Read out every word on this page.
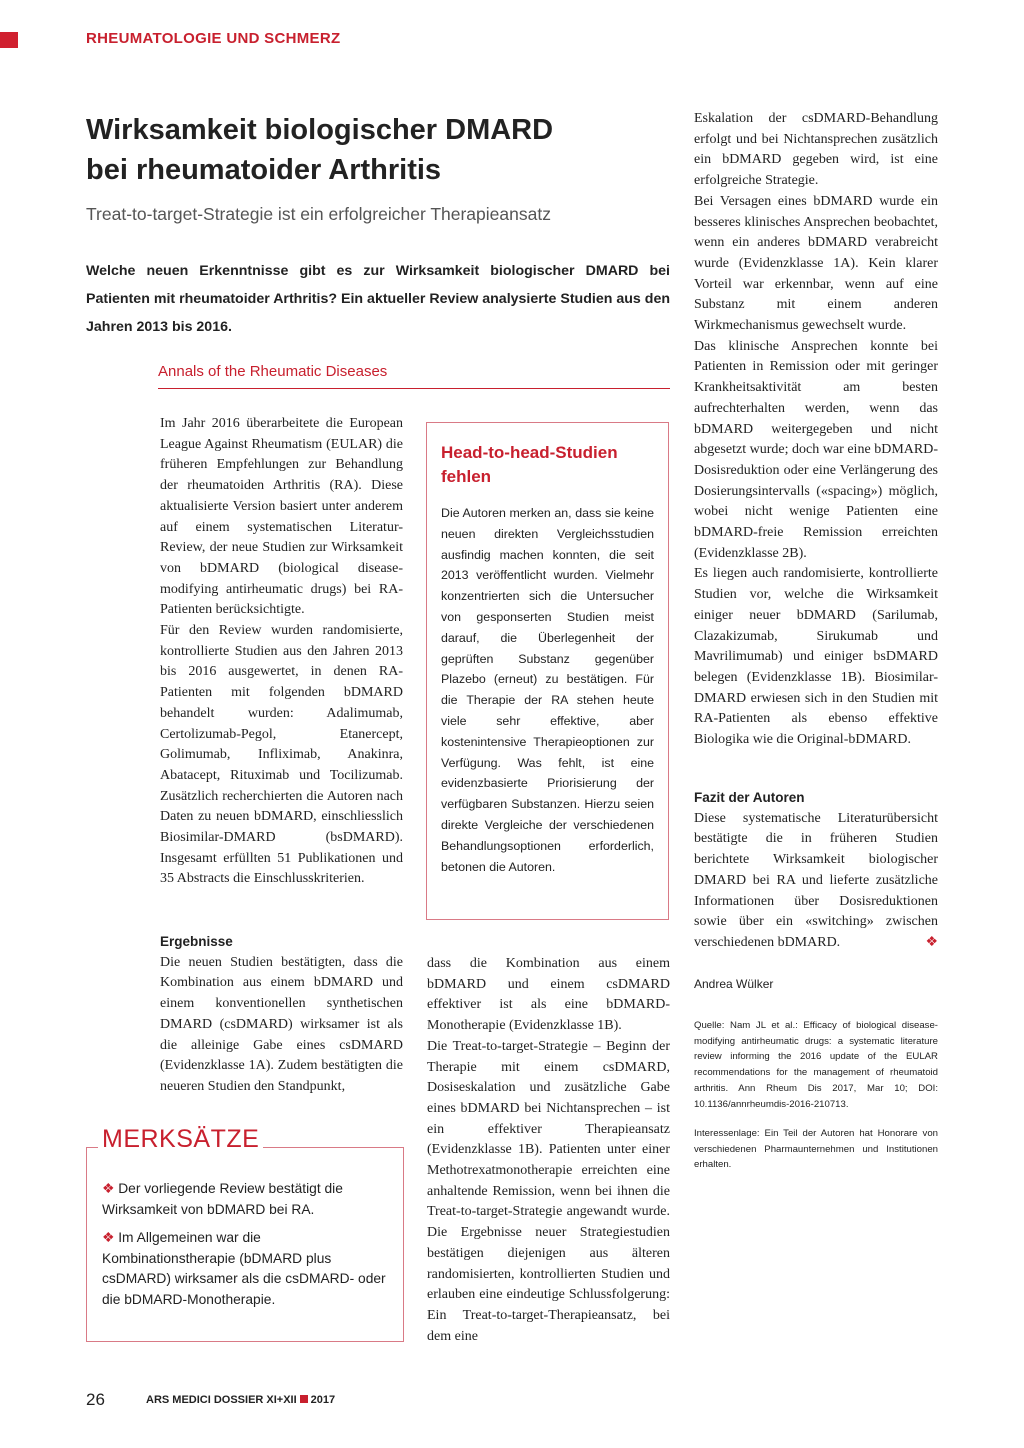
RHEUMATOLOGIE UND SCHMERZ
Wirksamkeit biologischer DMARD
bei rheumatoider Arthritis
Treat-to-target-Strategie ist ein erfolgreicher Therapieansatz
Welche neuen Erkenntnisse gibt es zur Wirksamkeit biologischer DMARD bei Patienten mit rheumatoider Arthritis? Ein aktueller Review analysierte Studien aus den Jahren 2013 bis 2016.
Annals of the Rheumatic Diseases

Im Jahr 2016 überarbeitete die European League Against Rheumatism (EULAR) die früheren Empfehlungen zur Behandlung der rheumatoiden Arthritis (RA). Diese aktualisierte Version basiert unter anderem auf einem systematischen Literatur-Review, der neue Studien zur Wirksamkeit von bDMARD (biological disease-modifying antirheumatic drugs) bei RA-Patienten berücksichtigte.

Für den Review wurden randomisierte, kontrollierte Studien aus den Jahren 2013 bis 2016 ausgewertet, in denen RA-Patienten mit folgenden bDMARD behandelt wurden: Adalimumab, Certolizumab-Pegol, Etanercept, Golimumab, Infliximab, Anakinra, Abatacept, Rituximab und Tocilizumab. Zusätzlich recherchierten die Autoren nach Daten zu neuen bDMARD, einschliesslich Biosimilar-DMARD (bsDMARD). Insgesamt erfüllten 51 Publikationen und 35 Abstracts die Einschlusskriterien.

Ergebnisse

Die neuen Studien bestätigten, dass die Kombination aus einem bDMARD und einem konventionellen synthetischen DMARD (csDMARD) wirksamer ist als die alleinige Gabe eines csDMARD (Evidenzklasse 1A). Zudem bestätigten die neueren Studien den Standpunkt,

Head-to-head-Studien fehlen
Die Autoren merken an, dass sie keine neuen direkten Vergleichsstudien ausfindig machen konnten, die seit 2013 veröffentlicht wurden. Vielmehr konzentrierten sich die Untersucher von gesponserten Studien meist darauf, die Überlegenheit der geprüften Substanz gegenüber Plazebo (erneut) zu bestätigen. Für die Therapie der RA stehen heute viele sehr effektive, aber kostenintensive Therapieoptionen zur Verfügung. Was fehlt, ist eine evidenzbasierte Priorisierung der verfügbaren Substanzen. Hierzu seien direkte Vergleiche der verschiedenen Behandlungsoptionen erforderlich, betonen die Autoren.

dass die Kombination aus einem bDMARD und einem csDMARD effektiver ist als eine bDMARD-Monotherapie (Evidenzklasse 1B).

Die Treat-to-target-Strategie – Beginn der Therapie mit einem csDMARD, Dosiseskalation und zusätzliche Gabe eines bDMARD bei Nichtansprechen – ist ein effektiver Therapieansatz (Evidenzklasse 1B). Patienten unter einer Methotrexatmonotherapie erreichten eine anhaltende Remission, wenn bei ihnen die Treat-to-target-Strategie angewandt wurde. Die Ergebnisse neuer Strategiestudien bestätigen diejenigen aus älteren randomisierten, kontrollierten Studien und erlauben eine eindeutige Schlussfolgerung: Ein Treat-to-target-Therapieansatz, bei dem eine

Eskalation der csDMARD-Behandlung erfolgt und bei Nichtansprechen zusätzlich ein bDMARD gegeben wird, ist eine erfolgreiche Strategie.

Bei Versagen eines bDMARD wurde ein besseres klinisches Ansprechen beobachtet, wenn ein anderes bDMARD verabreicht wurde (Evidenzklasse 1A). Kein klarer Vorteil war erkennbar, wenn auf eine Substanz mit einem anderen Wirkmechanismus gewechselt wurde.

Das klinische Ansprechen konnte bei Patienten in Remission oder mit geringer Krankheitsaktivität am besten aufrechterhalten werden, wenn das bDMARD weitergegeben und nicht abgesetzt wurde; doch war eine bDMARD-Dosisreduktion oder eine Verlängerung des Dosierungsintervalls («spacing») möglich, wobei nicht wenige Patienten eine bDMARD-freie Remission erreichten (Evidenzklasse 2B).

Es liegen auch randomisierte, kontrollierte Studien vor, welche die Wirksamkeit einiger neuer bDMARD (Sarilumab, Clazakizumab, Sirukumab und Mavrilimumab) und einiger bsDMARD belegen (Evidenzklasse 1B). Biosimilar-DMARD erwiesen sich in den Studien mit RA-Patienten als ebenso effektive Biologika wie die Original-bDMARD.

Fazit der Autoren

Diese systematische Literaturübersicht bestätigte die in früheren Studien berichtete Wirksamkeit biologischer DMARD bei RA und lieferte zusätzliche Informationen über Dosisreduktionen sowie über ein «switching» zwischen verschiedenen bDMARD.	❖

MERKSÄTZE
❖ Der vorliegende Review bestätigt die Wirksamkeit von bDMARD bei RA.
❖ Im Allgemeinen war die Kombinationstherapie (bDMARD plus csDMARD) wirksamer als die csDMARD- oder die bDMARD-Monotherapie.
Andrea Wülker
Quelle: Nam JL et al.: Efficacy of biological disease-modifying antirheumatic drugs: a systematic literature review informing the 2016 update of the EULAR recommendations for the management of rheumatoid arthritis. Ann Rheum Dis 2017, Mar 10; DOI: 10.1136/annrheumdis-2016-210713.
Interessenlage: Ein Teil der Autoren hat Honorare von verschiedenen Pharmaunternehmen und Institutionen erhalten.
26	ARS MEDICI DOSSIER XI+XII 2017
